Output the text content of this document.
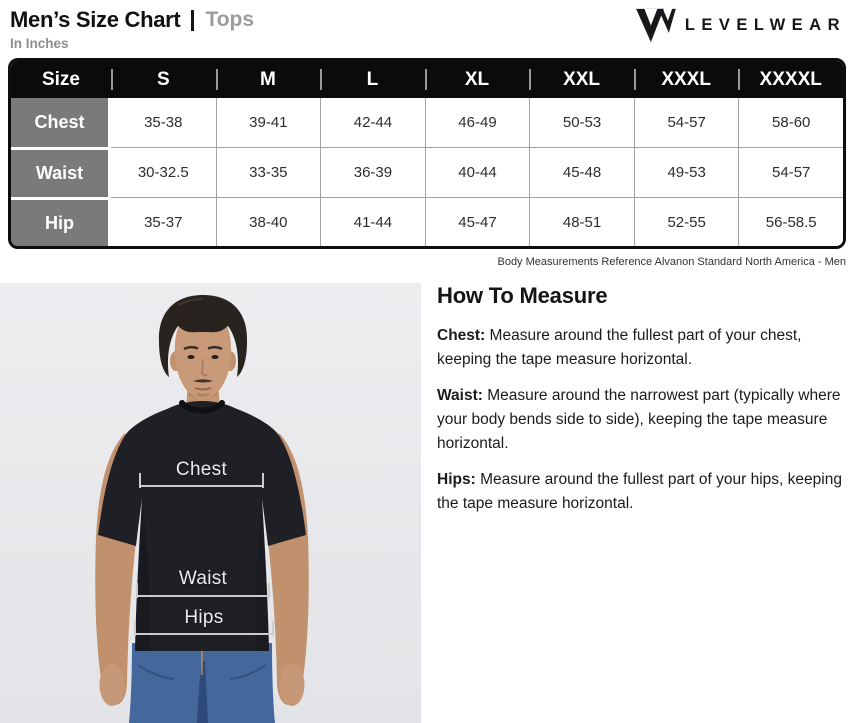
Men’s Size Chart Tops
In Inches
LEVELWEAR
Size	S	M	L	XL	XXL	XXXL	XXXXL
Chest	35-38	39-41	42-44	46-49	50-53	54-57	58-60
Waist	30-32.5	33-35	36-39	40-44	45-48	49-53	54-57
Hip	35-37	38-40	41-44	45-47	48-51	52-55	56-58.5
Body Measurements Reference Alvanon Standard North America - Men
Chest
Waist
Hips
How To Measure

Chest: Measure around the fullest part of your chest, keeping the tape measure horizontal.

Waist: Measure around the narrowest part (typically where your body bends side to side), keeping the tape measure horizontal.

Hips: Measure around the fullest part of your hips, keeping the tape measure horizontal.
